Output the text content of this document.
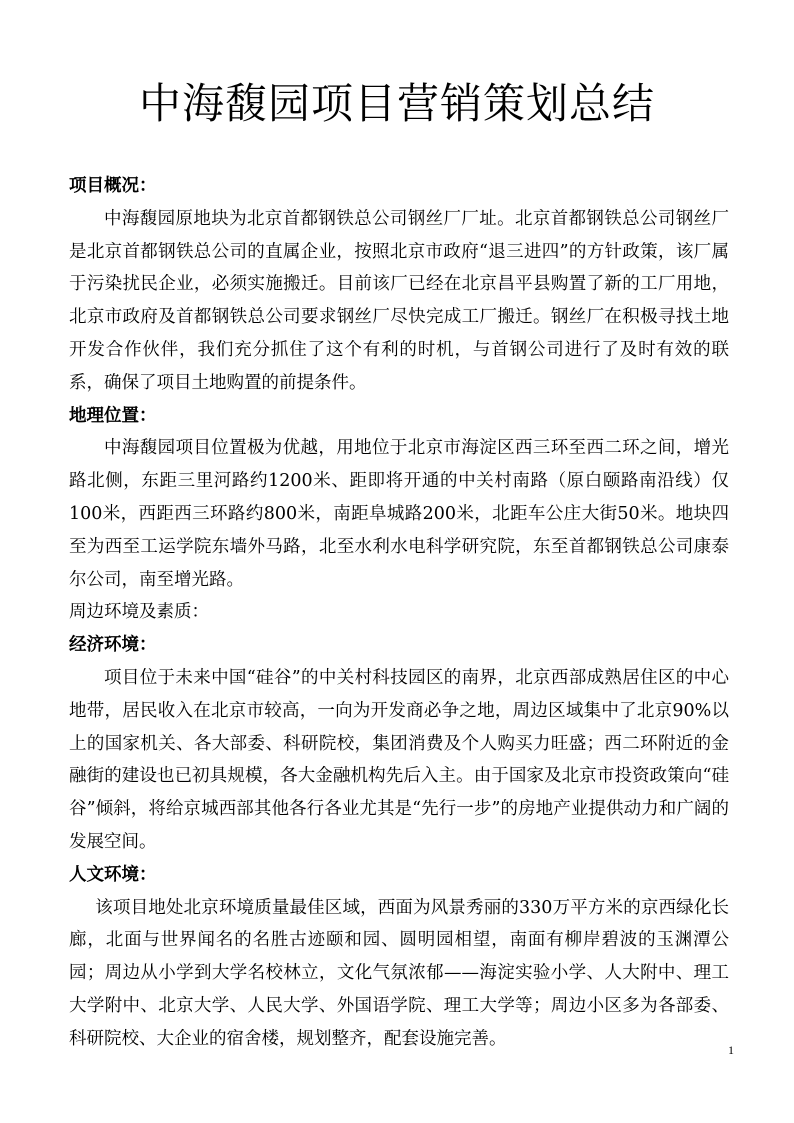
中海馥园项目营销策划总结

项目概况：

中海馥园原地块为北京首都钢铁总公司钢丝厂厂址。北京首都钢铁总公司钢丝厂是北京首都钢铁总公司的直属企业，按照北京市政府“退三进四”的方针政策，该厂属于污染扰民企业，必须实施搬迁。目前该厂已经在北京昌平县购置了新的工厂用地，北京市政府及首都钢铁总公司要求钢丝厂尽快完成工厂搬迁。钢丝厂在积极寻找土地开发合作伙伴，我们充分抓住了这个有利的时机，与首钢公司进行了及时有效的联系，确保了项目土地购置的前提条件。

地理位置：

中海馥园项目位置极为优越，用地位于北京市海淀区西三环至西二环之间，增光路北侧，东距三里河路约1200米、距即将开通的中关村南路（原白颐路南沿线）仅100米，西距西三环路约800米，南距阜城路200米，北距车公庄大街50米。地块四至为西至工运学院东墙外马路，北至水利水电科学研究院，东至首都钢铁总公司康泰尔公司，南至增光路。

周边环境及素质：

经济环境：

项目位于未来中国“硅谷”的中关村科技园区的南界，北京西部成熟居住区的中心地带，居民收入在北京市较高，一向为开发商必争之地，周边区域集中了北京90%以上的国家机关、各大部委、科研院校，集团消费及个人购买力旺盛；西二环附近的金融街的建设也已初具规模，各大金融机构先后入主。由于国家及北京市投资政策向“硅谷”倾斜，将给京城西部其他各行各业尤其是“先行一步”的房地产业提供动力和广阔的发展空间。

人文环境：

该项目地处北京环境质量最佳区域，西面为风景秀丽的330万平方米的京西绿化长廊，北面与世界闻名的名胜古迹颐和园、圆明园相望，南面有柳岸碧波的玉渊潭公园；周边从小学到大学名校林立，文化气氛浓郁——海淀实验小学、人大附中、理工大学附中、北京大学、人民大学、外国语学院、理工大学等；周边小区多为各部委、科研院校、大企业的宿舍楼，规划整齐，配套设施完善。

1
